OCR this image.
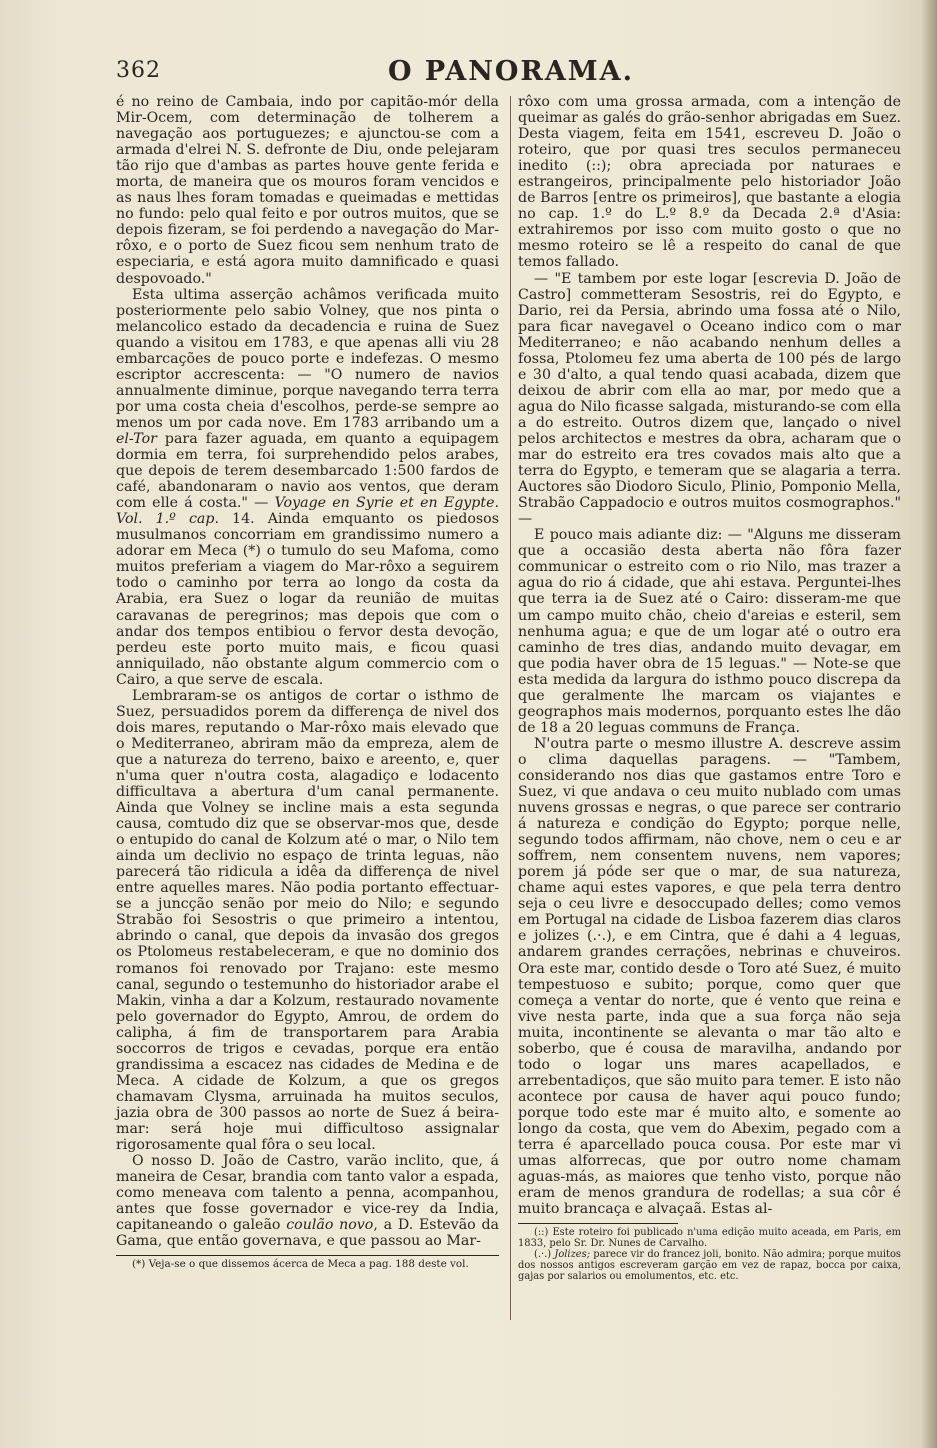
362	O PANORAMA.

é no reino de Cambaia, indo por capitão-mór della Mir-Ocem, com determinação de tolherem a navegação aos portuguezes; e ajunctou-se com a armada d'elrei N. S. defronte de Diu, onde pelejaram tão rijo que d'ambas as partes houve gente ferida e morta, de maneira que os mouros foram vencidos e as naus lhes foram tomadas e queimadas e mettidas no fundo: pelo qual feito e por outros muitos, que se depois fizeram, se foi perdendo a navegação do Mar-rôxo, e o porto de Suez ficou sem nenhum trato de especiaria, e está agora muito damnificado e quasi despovoado."

Esta ultima asserção achâmos verificada muito posteriormente pelo sabio Volney, que nos pinta o melancolico estado da decadencia e ruina de Suez quando a visitou em 1783, e que apenas alli viu 28 embarcações de pouco porte e indefezas. O mesmo escriptor accrescenta: — "O numero de navios annualmente diminue, porque navegando terra terra por uma costa cheia d'escolhos, perde-se sempre ao menos um por cada nove. Em 1783 arribando um a el-Tor para fazer aguada, em quanto a equipagem dormia em terra, foi surprehendido pelos arabes, que depois de terem desembarcado 1:500 fardos de café, abandonaram o navio aos ventos, que deram com elle á costa." — Voyage en Syrie et en Egypte. Vol. 1.º cap. 14. Ainda emquanto os piedosos musulmanos concorriam em grandissimo numero a adorar em Meca (*) o tumulo do seu Mafoma, como muitos preferiam a viagem do Mar-rôxo a seguirem todo o caminho por terra ao longo da costa da Arabia, era Suez o logar da reunião de muitas caravanas de peregrinos; mas depois que com o andar dos tempos entibiou o fervor desta devoção, perdeu este porto muito mais, e ficou quasi anniquilado, não obstante algum commercio com o Cairo, a que serve de escala.

Lembraram-se os antigos de cortar o isthmo de Suez, persuadidos porem da differença de nivel dos dois mares, reputando o Mar-rôxo mais elevado que o Mediterraneo, abriram mão da empreza, alem de que a natureza do terreno, baixo e areento, e, quer n'uma quer n'outra costa, alagadiço e lodacento difficultava a abertura d'um canal permanente. Ainda que Volney se incline mais a esta segunda causa, comtudo diz que se observar-mos que, desde o entupido do canal de Kolzum até o mar, o Nilo tem ainda um declivio no espaço de trinta leguas, não parecerá tão ridicula a idêa da differença de nivel entre aquelles mares. Não podia portanto effectuar-se a juncção senão por meio do Nilo; e segundo Strabão foi Sesostris o que primeiro a intentou, abrindo o canal, que depois da invasão dos gregos os Ptolomeus restabeleceram, e que no dominio dos romanos foi renovado por Trajano: este mesmo canal, segundo o testemunho do historiador arabe el Makin, vinha a dar a Kolzum, restaurado novamente pelo governador do Egypto, Amrou, de ordem do calipha, á fim de transportarem para Arabia soccorros de trigos e cevadas, porque era então grandissima a escacez nas cidades de Medina e de Meca. A cidade de Kolzum, a que os gregos chamavam Clysma, arruinada ha muitos seculos, jazia obra de 300 passos ao norte de Suez á beira-mar: será hoje mui difficultoso assignalar rigorosamente qual fôra o seu local.

O nosso D. João de Castro, varão inclito, que, á maneira de Cesar, brandia com tanto valor a espada, como meneava com talento a penna, acompanhou, antes que fosse governador e vice-rey da India, capitaneando o galeão coulão novo, a D. Estevão da Gama, que então governava, e que passou ao Mar-

(*) Veja-se o que dissemos ácerca de Meca a pag. 188 deste vol.

rôxo com uma grossa armada, com a intenção de queimar as galés do grão-senhor abrigadas em Suez. Desta viagem, feita em 1541, escreveu D. João o roteiro, que por quasi tres seculos permaneceu inedito (::); obra apreciada por naturaes e estrangeiros, principalmente pelo historiador João de Barros [entre os primeiros], que bastante a elogia no cap. 1.º do L.º 8.º da Decada 2.ª d'Asia: extrahiremos por isso com muito gosto o que no mesmo roteiro se lê a respeito do canal de que temos fallado.

— "E tambem por este logar [escrevia D. João de Castro] commetteram Sesostris, rei do Egypto, e Dario, rei da Persia, abrindo uma fossa até o Nilo, para ficar navegavel o Oceano indico com o mar Mediterraneo; e não acabando nenhum delles a fossa, Ptolomeu fez uma aberta de 100 pés de largo e 30 d'alto, a qual tendo quasi acabada, dizem que deixou de abrir com ella ao mar, por medo que a agua do Nilo ficasse salgada, misturando-se com ella a do estreito. Outros dizem que, lançado o nivel pelos architectos e mestres da obra, acharam que o mar do estreito era tres covados mais alto que a terra do Egypto, e temeram que se alagaria a terra. Auctores são Diodoro Siculo, Plinio, Pomponio Mella, Strabão Cappadocio e outros muitos cosmographos." —

E pouco mais adiante diz: — "Alguns me disseram que a occasião desta aberta não fôra fazer communicar o estreito com o rio Nilo, mas trazer a agua do rio á cidade, que ahi estava. Perguntei-lhes que terra ia de Suez até o Cairo: disseram-me que um campo muito chão, cheio d'areias e esteril, sem nenhuma agua; e que de um logar até o outro era caminho de tres dias, andando muito devagar, em que podia haver obra de 15 leguas." — Note-se que esta medida da largura do isthmo pouco discrepa da que geralmente lhe marcam os viajantes e geographos mais modernos, porquanto estes lhe dão de 18 a 20 leguas communs de França.

N'outra parte o mesmo illustre A. descreve assim o clima daquellas paragens. — "Tambem, considerando nos dias que gastamos entre Toro e Suez, vi que andava o ceu muito nublado com umas nuvens grossas e negras, o que parece ser contrario á natureza e condição do Egypto; porque nelle, segundo todos affirmam, não chove, nem o ceu e ar soffrem, nem consentem nuvens, nem vapores; porem já póde ser que o mar, de sua natureza, chame aqui estes vapores, e que pela terra dentro seja o ceu livre e desoccupado delles; como vemos em Portugal na cidade de Lisboa fazerem dias claros e jolizes (.·.), e em Cintra, que é dahi a 4 leguas, andarem grandes cerrações, nebrinas e chuveiros. Ora este mar, contido desde o Toro até Suez, é muito tempestuoso e subito; porque, como quer que começa a ventar do norte, que é vento que reina e vive nesta parte, inda que a sua força não seja muita, incontinente se alevanta o mar tão alto e soberbo, que é cousa de maravilha, andando por todo o logar uns mares acapellados, e arrebentadiços, que são muito para temer. E isto não acontece por causa de haver aqui pouco fundo; porque todo este mar é muito alto, e somente ao longo da costa, que vem do Abexim, pegado com a terra é aparcellado pouca cousa. Por este mar vi umas alforrecas, que por outro nome chamam aguas-más, as maiores que tenho visto, porque não eram de menos grandura de rodellas; a sua côr é muito brancaça e alvaçaã. Estas al-

(::) Este roteiro foi publicado n'uma edição muito aceada, em Paris, em 1833, pelo Sr. Dr. Nunes de Carvalho.

(.·.) Jolizes; parece vir do francez joli, bonito. Não admira; porque muitos dos nossos antigos escreveram garção em vez de rapaz, bocca por caixa, gajas por salarios ou emolumentos, etc. etc.
